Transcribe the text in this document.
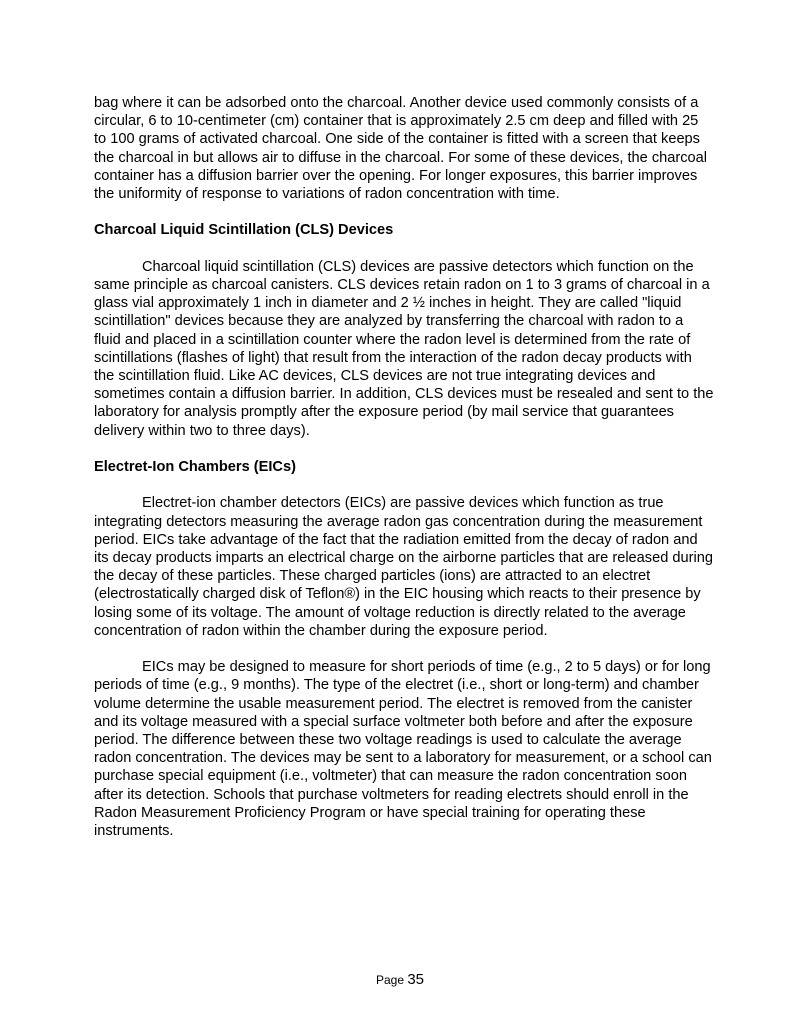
bag where it can be adsorbed onto the charcoal. Another device used commonly consists of a circular, 6 to 10-centimeter (cm) container that is approximately 2.5 cm deep and filled with 25 to 100 grams of activated charcoal. One side of the container is fitted with a screen that keeps the charcoal in but allows air to diffuse in the charcoal. For some of these devices, the charcoal container has a diffusion barrier over the opening. For longer exposures, this barrier improves the uniformity of response to variations of radon concentration with time.

Charcoal Liquid Scintillation (CLS) Devices

Charcoal liquid scintillation (CLS) devices are passive detectors which function on the same principle as charcoal canisters. CLS devices retain radon on 1 to 3 grams of charcoal in a glass vial approximately 1 inch in diameter and 2 ½ inches in height. They are called "liquid scintillation" devices because they are analyzed by transferring the charcoal with radon to a fluid and placed in a scintillation counter where the radon level is determined from the rate of scintillations (flashes of light) that result from the interaction of the radon decay products with the scintillation fluid. Like AC devices, CLS devices are not true integrating devices and sometimes contain a diffusion barrier. In addition, CLS devices must be resealed and sent to the laboratory for analysis promptly after the exposure period (by mail service that guarantees delivery within two to three days).

Electret-Ion Chambers (EICs)

Electret-ion chamber detectors (EICs) are passive devices which function as true integrating detectors measuring the average radon gas concentration during the measurement period. EICs take advantage of the fact that the radiation emitted from the decay of radon and its decay products imparts an electrical charge on the airborne particles that are released during the decay of these particles. These charged particles (ions) are attracted to an electret (electrostatically charged disk of Teflon®) in the EIC housing which reacts to their presence by losing some of its voltage. The amount of voltage reduction is directly related to the average concentration of radon within the chamber during the exposure period.

EICs may be designed to measure for short periods of time (e.g., 2 to 5 days) or for long periods of time (e.g., 9 months). The type of the electret (i.e., short or long-term) and chamber volume determine the usable measurement period. The electret is removed from the canister and its voltage measured with a special surface voltmeter both before and after the exposure period. The difference between these two voltage readings is used to calculate the average radon concentration. The devices may be sent to a laboratory for measurement, or a school can purchase special equipment (i.e., voltmeter) that can measure the radon concentration soon after its detection. Schools that purchase voltmeters for reading electrets should enroll in the Radon Measurement Proficiency Program or have special training for operating these instruments.

Page 35
